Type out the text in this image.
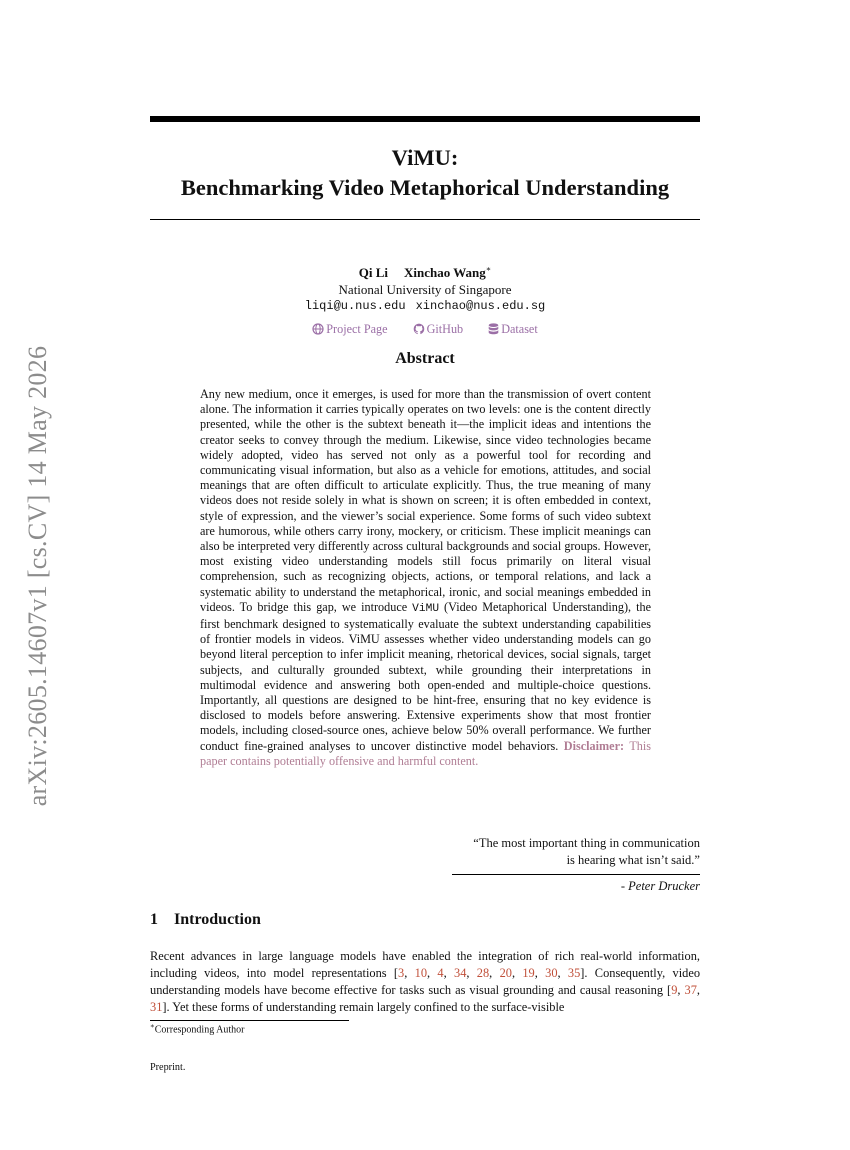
arXiv:2605.14607v1 [cs.CV] 14 May 2026
ViMU:
Benchmarking Video Metaphorical Understanding
Qi Li Xinchao Wang∗
National University of Singapore
liqi@u.nus.edu xinchao@nus.edu.sg
Project Page	GitHub	Dataset
Abstract
Any new medium, once it emerges, is used for more than the transmission of overt content alone. The information it carries typically operates on two levels: one is the content directly presented, while the other is the subtext beneath it—the implicit ideas and intentions the creator seeks to convey through the medium. Likewise, since video technologies became widely adopted, video has served not only as a powerful tool for recording and communicating visual information, but also as a vehicle for emotions, attitudes, and social meanings that are often difficult to articulate explicitly. Thus, the true meaning of many videos does not reside solely in what is shown on screen; it is often embedded in context, style of expression, and the viewer’s social experience. Some forms of such video subtext are humorous, while others carry irony, mockery, or criticism. These implicit meanings can also be interpreted very differently across cultural backgrounds and social groups. However, most existing video understanding models still focus primarily on literal visual comprehension, such as recognizing objects, actions, or temporal relations, and lack a systematic ability to understand the metaphorical, ironic, and social meanings embedded in videos. To bridge this gap, we introduce ViMU (Video Metaphorical Understanding), the first benchmark designed to systematically evaluate the subtext understanding capabilities of frontier models in videos. ViMU assesses whether video understanding models can go beyond literal perception to infer implicit meaning, rhetorical devices, social signals, target subjects, and culturally grounded subtext, while grounding their interpretations in multimodal evidence and answering both open-ended and multiple-choice questions. Importantly, all questions are designed to be hint-free, ensuring that no key evidence is disclosed to models before answering. Extensive experiments show that most frontier models, including closed-source ones, achieve below 50% overall performance. We further conduct fine-grained analyses to uncover distinctive model behaviors. Disclaimer: This paper contains potentially offensive and harmful content.
“The most important thing in communication
is hearing what isn’t said.”
- Peter Drucker
1 Introduction
Recent advances in large language models have enabled the integration of rich real-world information, including videos, into model representations [3, 10, 4, 34, 28, 20, 19, 30, 35]. Consequently, video understanding models have become effective for tasks such as visual grounding and causal reasoning [9, 37, 31]. Yet these forms of understanding remain largely confined to the surface-visible
∗Corresponding Author
Preprint.
